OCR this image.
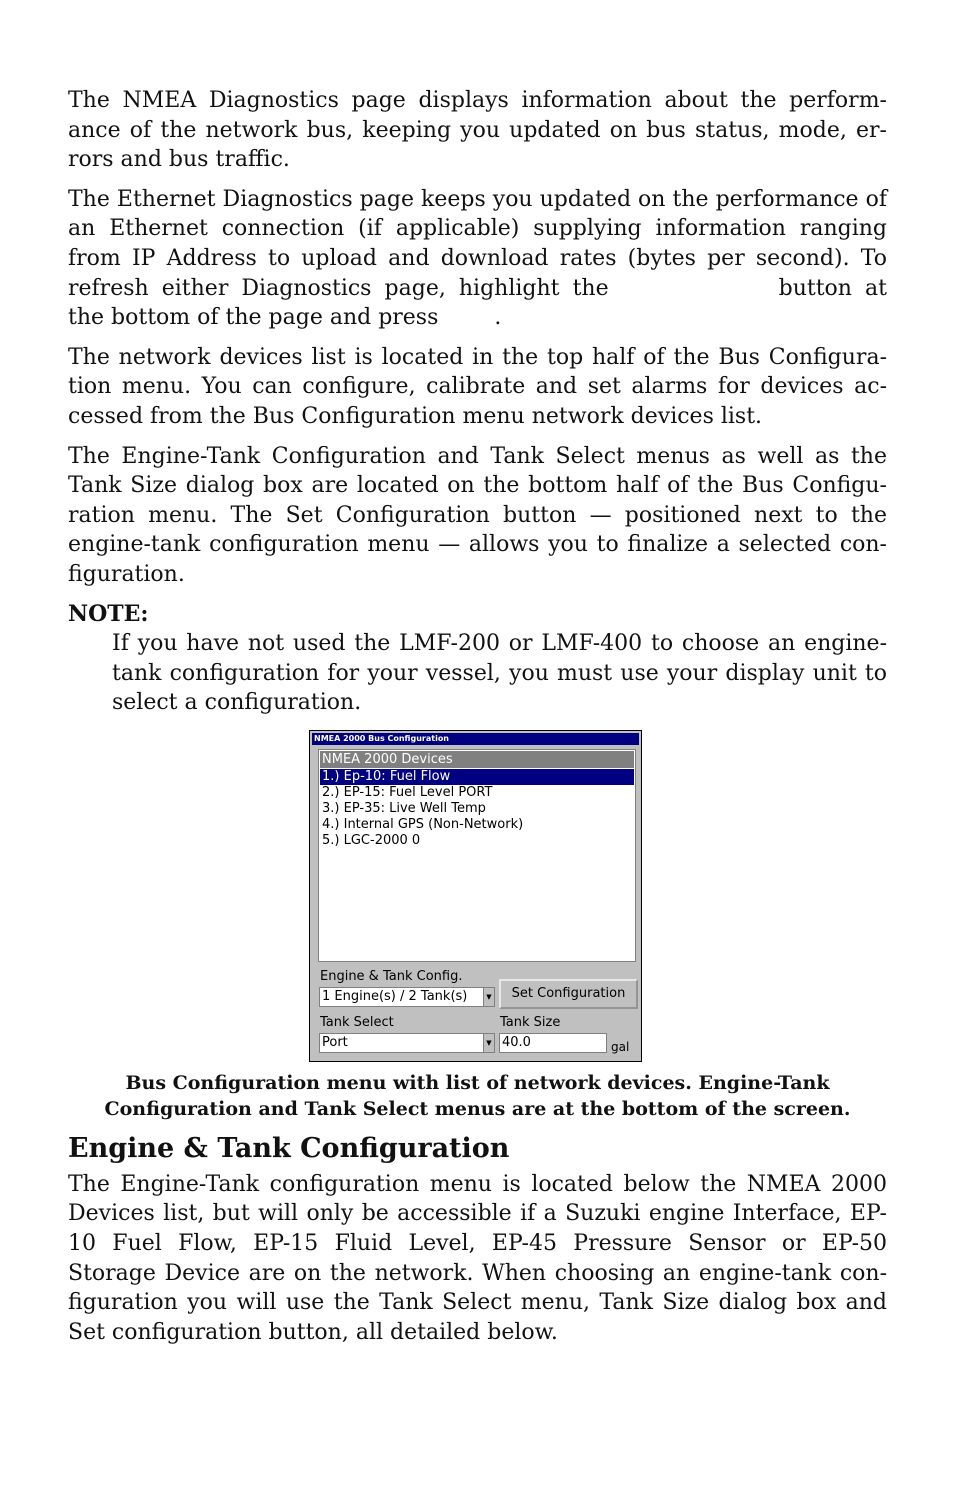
The NMEA Diagnostics page displays information about the perform-ance of the network bus, keeping you updated on bus status, mode, er-rors and bus traffic.

The Ethernet Diagnostics page keeps you updated on the performance of an Ethernet connection (if applicable) supplying information ranging from IP Address to upload and download rates (bytes per second). To refresh either Diagnostics page, highlight the	button at the bottom of the page and press	.

The network devices list is located in the top half of the Bus Configura-tion menu. You can configure, calibrate and set alarms for devices ac-cessed from the Bus Configuration menu network devices list.

The Engine-Tank Configuration and Tank Select menus as well as the Tank Size dialog box are located on the bottom half of the Bus Configu-ration menu. The Set Configuration button — positioned next to the engine-tank configuration menu — allows you to finalize a selected con-figuration.

NOTE:

If you have not used the LMF-200 or LMF-400 to choose an engine-tank configuration for your vessel, you must use your display unit to select a configuration.

NMEA 2000 Bus Configuration
NMEA 2000 Devices
1.) Ep-10: Fuel Flow
2.) EP-15: Fuel Level PORT
3.) EP-35: Live Well Temp
4.) Internal GPS (Non-Network)
5.) LGC-2000 0
Engine & Tank Config.
1 Engine(s) / 2 Tank(s)	▼	Set Configuration
Tank Select
Port	▼
Tank Size
40.0	gal

Bus Configuration menu with list of network devices. Engine-Tank Configuration and Tank Select menus are at the bottom of the screen.

Engine & Tank Configuration

The Engine-Tank configuration menu is located below the NMEA 2000 Devices list, but will only be accessible if a Suzuki engine Interface, EP-10 Fuel Flow, EP-15 Fluid Level, EP-45 Pressure Sensor or EP-50 Storage Device are on the network. When choosing an engine-tank con-figuration you will use the Tank Select menu, Tank Size dialog box and Set configuration button, all detailed below.
